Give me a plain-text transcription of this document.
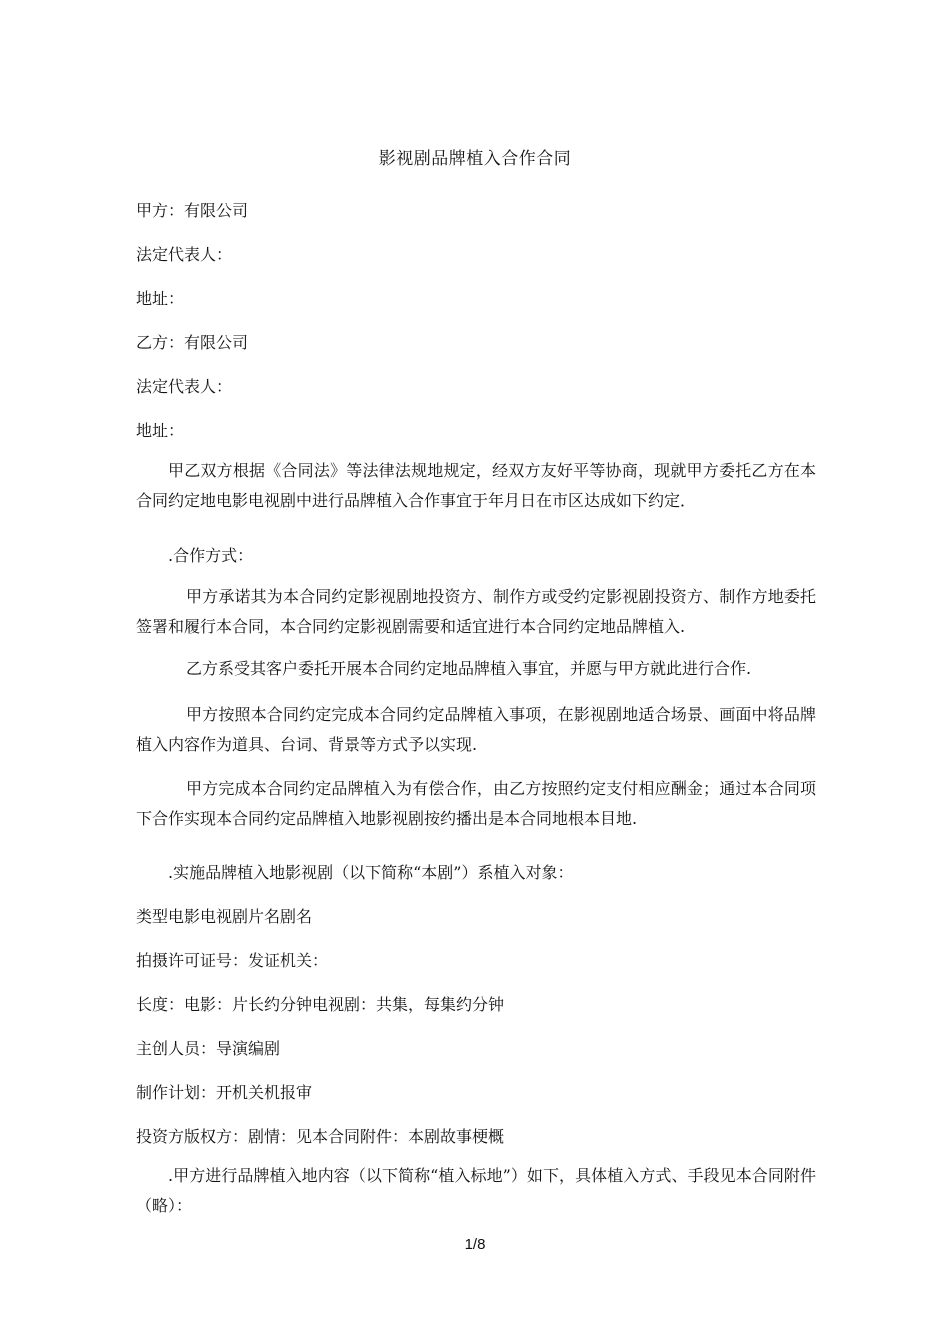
影视剧品牌植入合作合同
甲方：有限公司
法定代表人：
地址：
乙方：有限公司
法定代表人：
地址：
甲乙双方根据《合同法》等法律法规地规定，经双方友好平等协商，现就甲方委托乙方在本合同约定地电影电视剧中进行品牌植入合作事宜于年月日在市区达成如下约定．
.合作方式：
甲方承诺其为本合同约定影视剧地投资方、制作方或受约定影视剧投资方、制作方地委托签署和履行本合同，本合同约定影视剧需要和适宜进行本合同约定地品牌植入.
乙方系受其客户委托开展本合同约定地品牌植入事宜，并愿与甲方就此进行合作.
甲方按照本合同约定完成本合同约定品牌植入事项，在影视剧地适合场景、画面中将品牌植入内容作为道具、台词、背景等方式予以实现.
甲方完成本合同约定品牌植入为有偿合作，由乙方按照约定支付相应酬金；通过本合同项下合作实现本合同约定品牌植入地影视剧按约播出是本合同地根本目地.
.实施品牌植入地影视剧（以下简称“本剧”）系植入对象：
类型电影电视剧片名剧名
拍摄许可证号：发证机关：
长度：电影：片长约分钟电视剧：共集，每集约分钟
主创人员：导演编剧
制作计划：开机关机报审
投资方版权方：剧情：见本合同附件：本剧故事梗概
.甲方进行品牌植入地内容（以下简称“植入标地”）如下，具体植入方式、手段见本合同附件（略）：
1/8
